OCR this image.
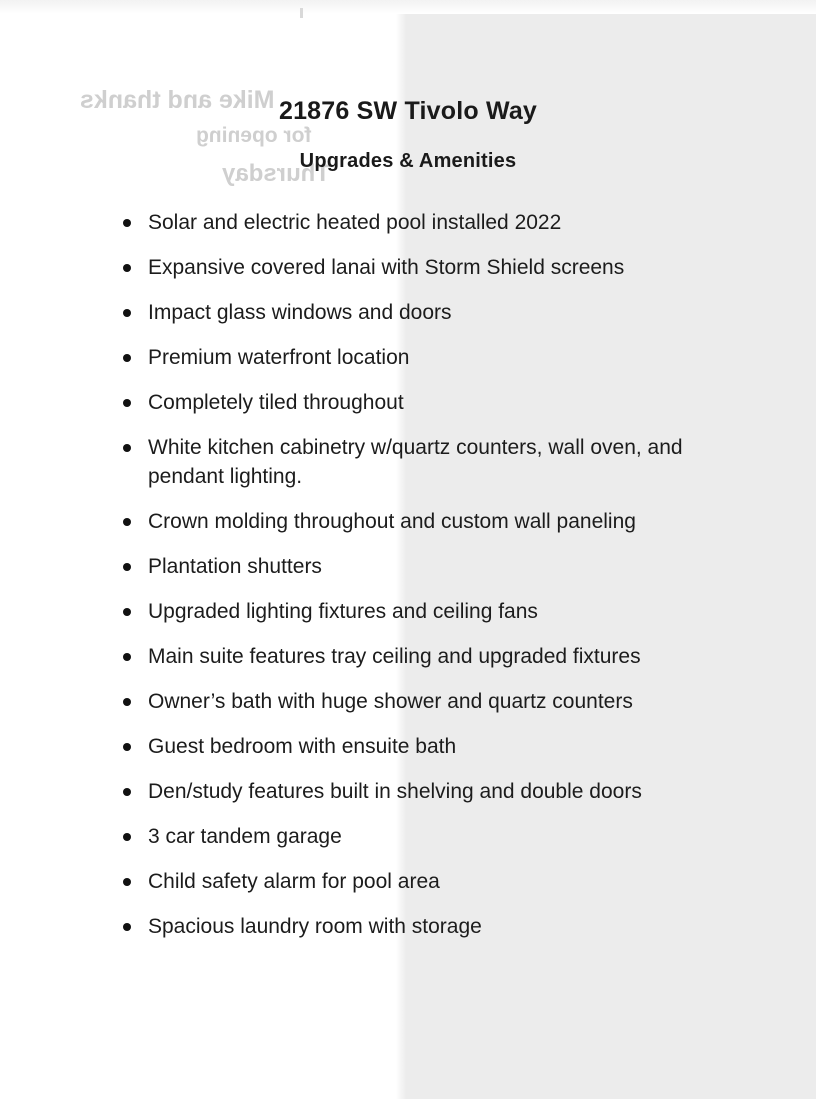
Mike and thanks
for opening
Thursday
21876 SW Tivolo Way
Upgrades & Amenities
Solar and electric heated pool installed 2022
Expansive covered lanai with Storm Shield screens
Impact glass windows and doors
Premium waterfront location
Completely tiled throughout
White kitchen cabinetry w/quartz counters, wall oven, and pendant lighting.
Crown molding throughout and custom wall paneling
Plantation shutters
Upgraded lighting fixtures and ceiling fans
Main suite features tray ceiling and upgraded fixtures
Owner’s bath with huge shower and quartz counters
Guest bedroom with ensuite bath
Den/study features built in shelving and double doors
3 car tandem garage
Child safety alarm for pool area
Spacious laundry room with storage
